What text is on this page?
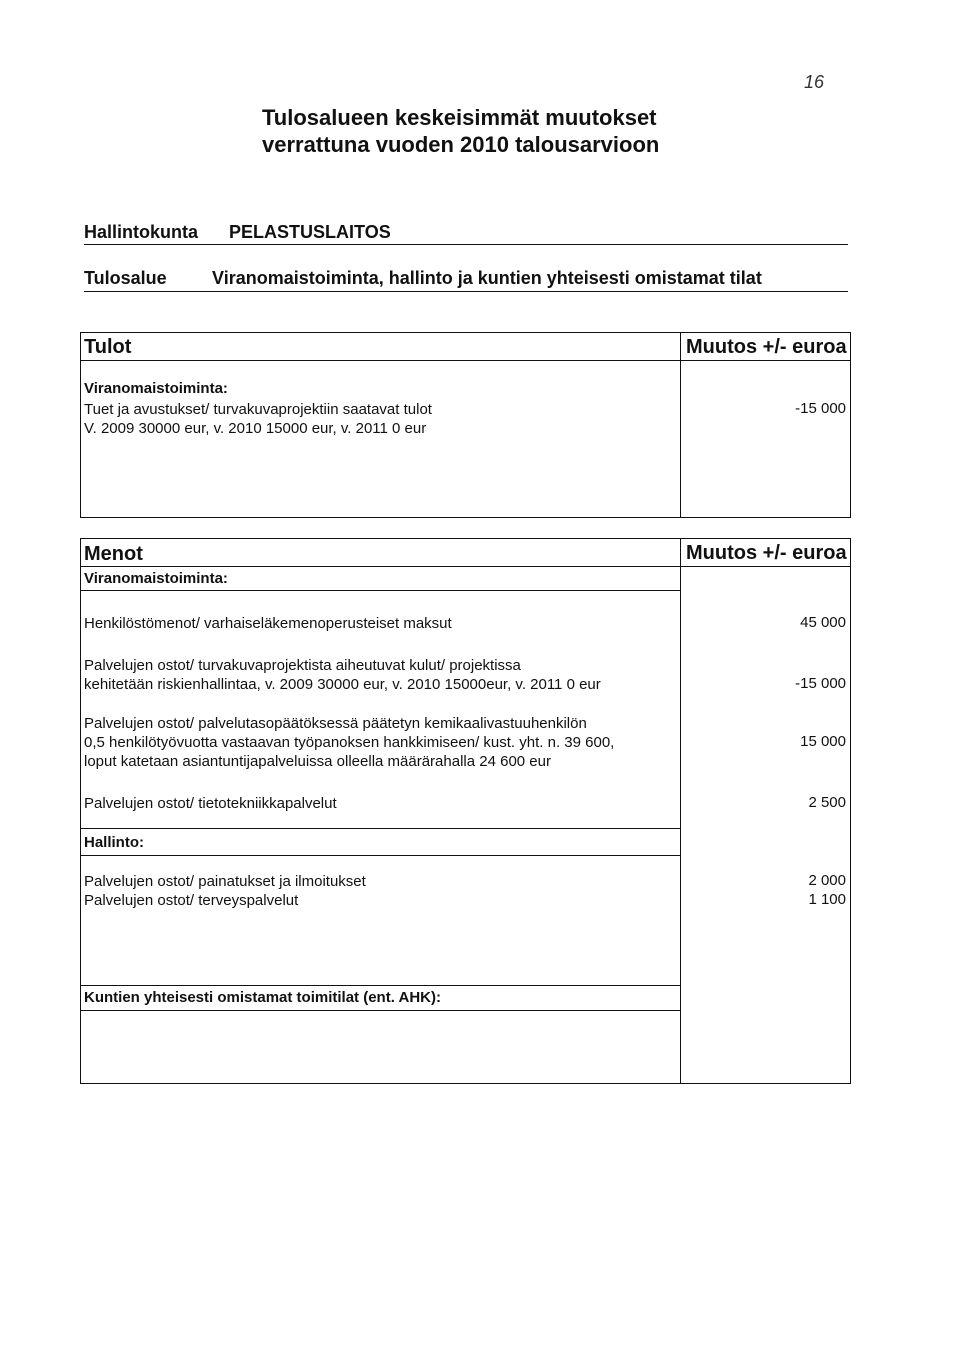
16
Tulosalueen keskeisimmät muutokset
verrattuna vuoden 2010 talousarvioon
Hallintokunta PELASTUSLAITOS
Tulosalue	Viranomaistoiminta, hallinto ja kuntien yhteisesti omistamat tilat
Tulot	Muutos +/- euroa
Viranomaistoiminta:
Tuet ja avustukset/ turvakuvaprojektiin saatavat tulot
V. 2009 30000 eur, v. 2010 15000 eur, v. 2011 0 eur
-15 000
Menot	Muutos +/- euroa
Viranomaistoiminta:
Henkilöstömenot/ varhaiseläkemenoperusteiset maksut	45 000
Palvelujen ostot/ turvakuvaprojektista aiheutuvat kulut/ projektissa
kehitetään riskienhallintaa, v. 2009 30000 eur, v. 2010 15000eur, v. 2011 0 eur	-15 000
Palvelujen ostot/ palvelutasopäätöksessä päätetyn kemikaalivastuuhenkilön
0,5 henkilötyövuotta vastaavan työpanoksen hankkimiseen/ kust. yht. n. 39 600,
loput katetaan asiantuntijapalveluissa olleella määrärahalla 24 600 eur
15 000
Palvelujen ostot/ tietotekniikkapalvelut	2 500
Hallinto:
Palvelujen ostot/ painatukset ja ilmoitukset	2 000
Palvelujen ostot/ terveyspalvelut	1 100
Kuntien yhteisesti omistamat toimitilat (ent. AHK):
